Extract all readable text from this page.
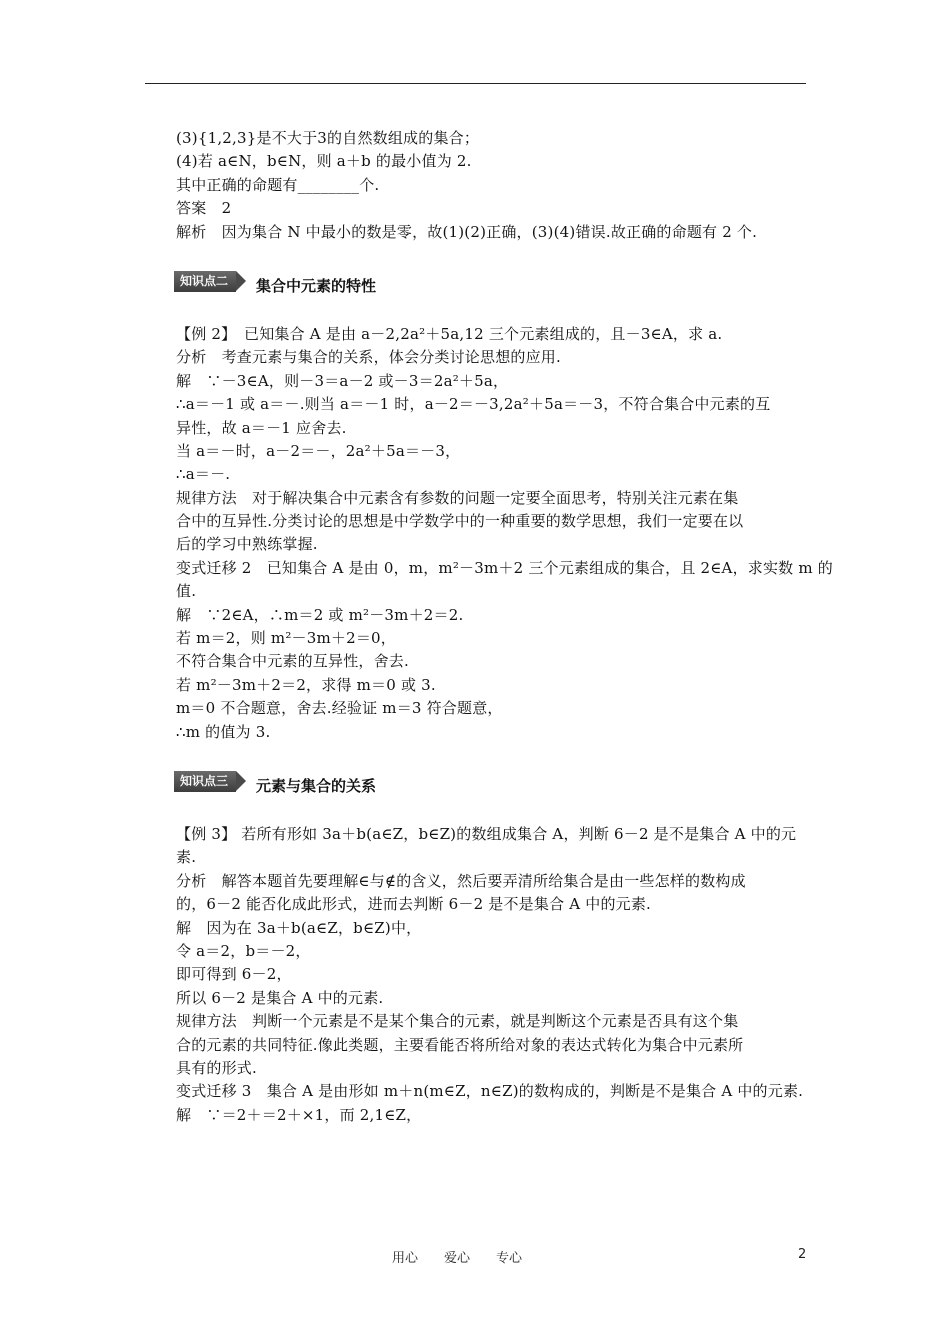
(3){1,2,3}是不大于3的自然数组成的集合；
(4)若 a∈N，b∈N，则 a＋b 的最小值为 2.
其中正确的命题有________个.
答案　2
解析　因为集合 N 中最小的数是零，故(1)(2)正确，(3)(4)错误.故正确的命题有 2 个.
知识点二	集合中元素的特性
【例 2】　已知集合 A 是由 a－2,2a²＋5a,12 三个元素组成的，且－3∈A，求 a.
分析　考查元素与集合的关系，体会分类讨论思想的应用.
解　∵－3∈A，则－3＝a－2 或－3＝2a²＋5a，
∴a＝－1 或 a＝－.则当 a＝－1 时，a－2＝－3,2a²＋5a＝－3，不符合集合中元素的互
异性，故 a＝－1 应舍去.
当 a＝－时，a－2＝－，2a²＋5a＝－3，
∴a＝－.
规律方法　对于解决集合中元素含有参数的问题一定要全面思考，特别关注元素在集
合中的互异性.分类讨论的思想是中学数学中的一种重要的数学思想，我们一定要在以
后的学习中熟练掌握.
变式迁移 2　已知集合 A 是由 0，m，m²－3m＋2 三个元素组成的集合，且 2∈A，求实数 m 的
值.
解　∵2∈A，∴m＝2 或 m²－3m＋2＝2.
若 m＝2，则 m²－3m＋2＝0，
不符合集合中元素的互异性，舍去.
若 m²－3m＋2＝2，求得 m＝0 或 3.
m＝0 不合题意，舍去.经验证 m＝3 符合题意，
∴m 的值为 3.
知识点三	元素与集合的关系
【例 3】 若所有形如 3a＋b(a∈Z，b∈Z)的数组成集合 A，判断 6－2 是不是集合 A 中的元
素.
分析　解答本题首先要理解∈与∉的含义，然后要弄清所给集合是由一些怎样的数构成
的，6－2 能否化成此形式，进而去判断 6－2 是不是集合 A 中的元素.
解　因为在 3a＋b(a∈Z，b∈Z)中，
令 a＝2，b＝－2，
即可得到 6－2，
所以 6－2 是集合 A 中的元素.
规律方法　判断一个元素是不是某个集合的元素，就是判断这个元素是否具有这个集
合的元素的共同特征.像此类题，主要看能否将所给对象的表达式转化为集合中元素所
具有的形式.
变式迁移 3　集合 A 是由形如 m＋n(m∈Z，n∈Z)的数构成的，判断是不是集合 A 中的元素.
解　∵＝2＋＝2＋×1，而 2,1∈Z，
用心　　爱心　　专心	2
